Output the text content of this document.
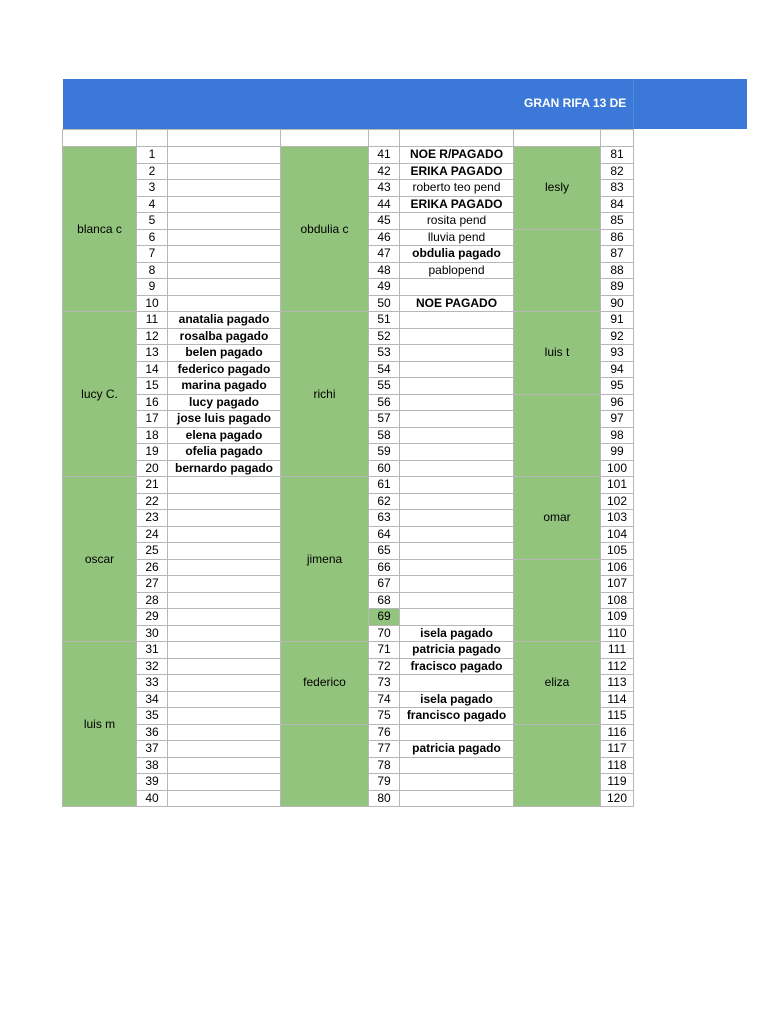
GRAN RIFA 13 DE

blanca c	1		obdulia c	41	NOE R/PAGADO	lesly	81
	2			42	ERIKA PAGADO		82
	3			43	roberto teo pend		83
	4			44	ERIKA PAGADO		84
	5			45	rosita pend		85
	6			46	lluvia pend		86
	7			47	obdulia pagado		87
	8			48	pablopend		88
	9			49			89
	10			50	NOE PAGADO		90
lucy C.	11	anatalia pagado	richi	51		luis t	91
	12	rosalba pagado		52			92
	13	belen pagado		53			93
	14	federico pagado		54			94
	15	marina pagado		55			95
	16	lucy pagado		56			96
	17	jose luis pagado		57			97
	18	elena pagado		58			98
	19	ofelia pagado		59			99
	20	bernardo pagado		60			100
oscar	21		jimena	61		omar	101
	22			62			102
	23			63			103
	24			64			104
	25			65			105
	26			66			106
	27			67			107
	28			68			108
	29			69			109
	30			70	isela pagado		110
luis m	31		federico	71	patricia pagado	eliza	111
	32			72	fracisco pagado		112
	33			73			113
	34			74	isela pagado		114
	35			75	francisco pagado		115
	36			76			116
	37			77	patricia pagado		117
	38			78			118
	39			79			119
	40			80			120
